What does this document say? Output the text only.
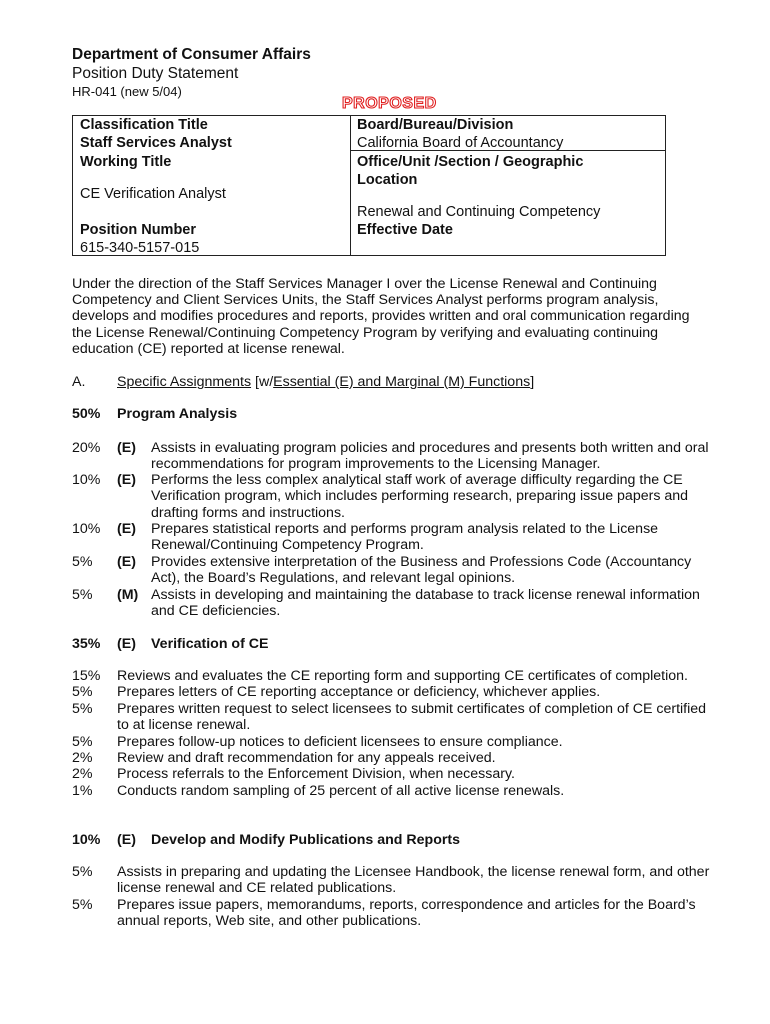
Department of Consumer Affairs
Position Duty Statement
HR-041 (new 5/04)
PROPOSED
Classification Title
Staff Services Analyst
Working Title
CE Verification Analyst
Position Number
615-340-5157-015
Board/Bureau/Division
California Board of Accountancy
Office/Unit /Section / Geographic
Location
Renewal and Continuing Competency
Effective Date
Under the direction of the Staff Services Manager I over the License Renewal and Continuing
Competency and Client Services Units, the Staff Services Analyst performs program analysis,
develops and modifies procedures and reports, provides written and oral communication regarding
the License Renewal/Continuing Competency Program by verifying and evaluating continuing
education (CE) reported at license renewal.
A. Specific Assignments [w/Essential (E) and Marginal (M) Functions]
50% Program Analysis
20% (E) Assists in evaluating program policies and procedures and presents both written and oral
recommendations for program improvements to the Licensing Manager.
10% (E) Performs the less complex analytical staff work of average difficulty regarding the CE
Verification program, which includes performing research, preparing issue papers and
drafting forms and instructions.
10% (E) Prepares statistical reports and performs program analysis related to the License
Renewal/Continuing Competency Program.
5% (E) Provides extensive interpretation of the Business and Professions Code (Accountancy
Act), the Board’s Regulations, and relevant legal opinions.
5% (M) Assists in developing and maintaining the database to track license renewal information
and CE deficiencies.
35% (E) Verification of CE
15% Reviews and evaluates the CE reporting form and supporting CE certificates of completion.
5% Prepares letters of CE reporting acceptance or deficiency, whichever applies.
5% Prepares written request to select licensees to submit certificates of completion of CE certified
to at license renewal.
5% Prepares follow-up notices to deficient licensees to ensure compliance.
2% Review and draft recommendation for any appeals received.
2% Process referrals to the Enforcement Division, when necessary.
1% Conducts random sampling of 25 percent of all active license renewals.
10% (E) Develop and Modify Publications and Reports
5% Assists in preparing and updating the Licensee Handbook, the license renewal form, and other
license renewal and CE related publications.
5% Prepares issue papers, memorandums, reports, correspondence and articles for the Board’s
annual reports, Web site, and other publications.
